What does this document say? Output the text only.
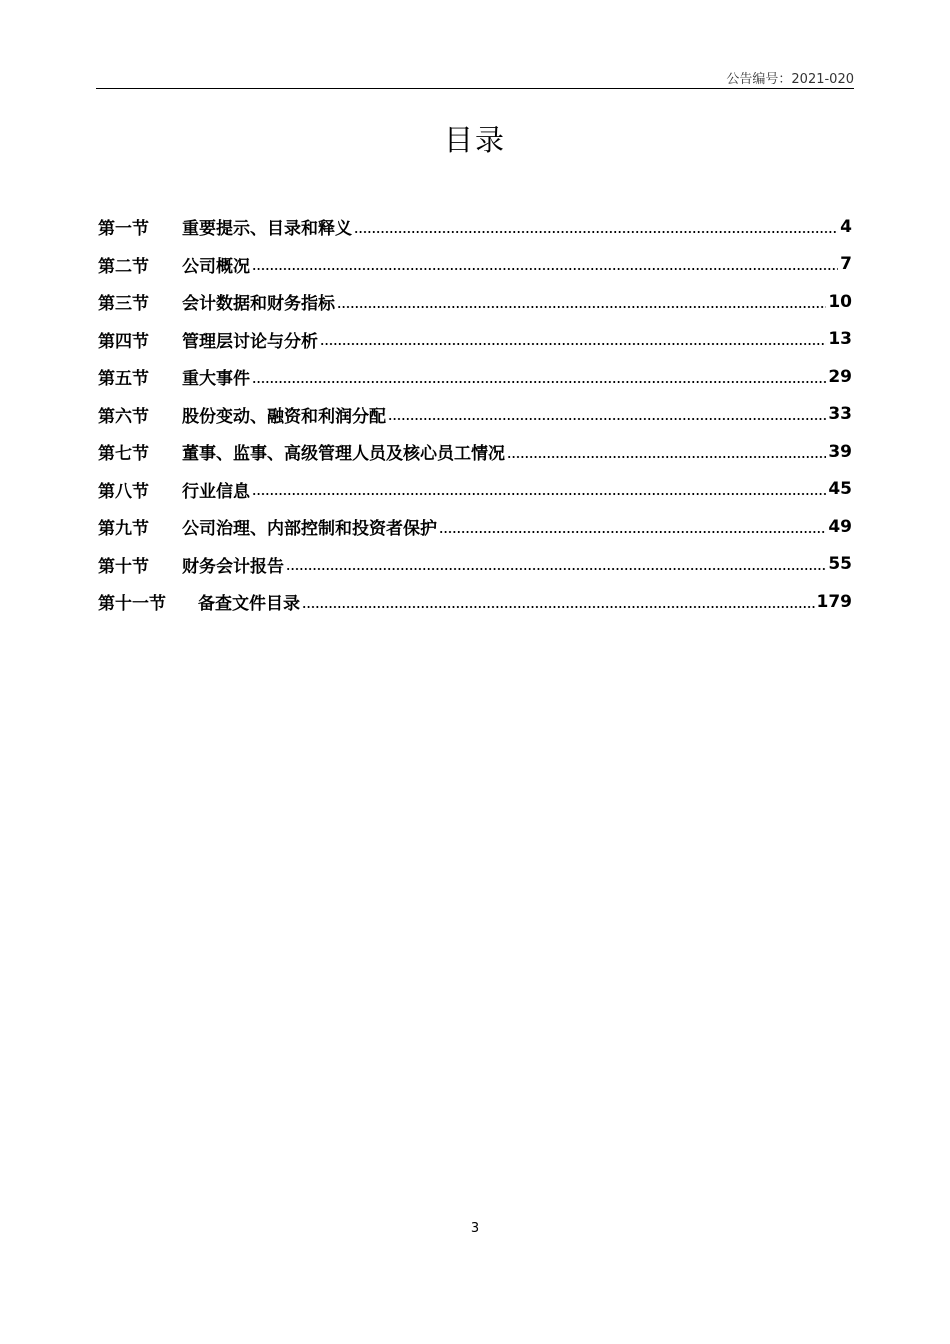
公告编号：2021-020
目录
第一节	重要提示、目录和释义	4
第二节	公司概况	7
第三节	会计数据和财务指标	10
第四节	管理层讨论与分析	13
第五节	重大事件	29
第六节	股份变动、融资和利润分配	33
第七节	董事、监事、高级管理人员及核心员工情况	39
第八节	行业信息	45
第九节	公司治理、内部控制和投资者保护	49
第十节	财务会计报告	55
第十一节	备查文件目录	179
3
